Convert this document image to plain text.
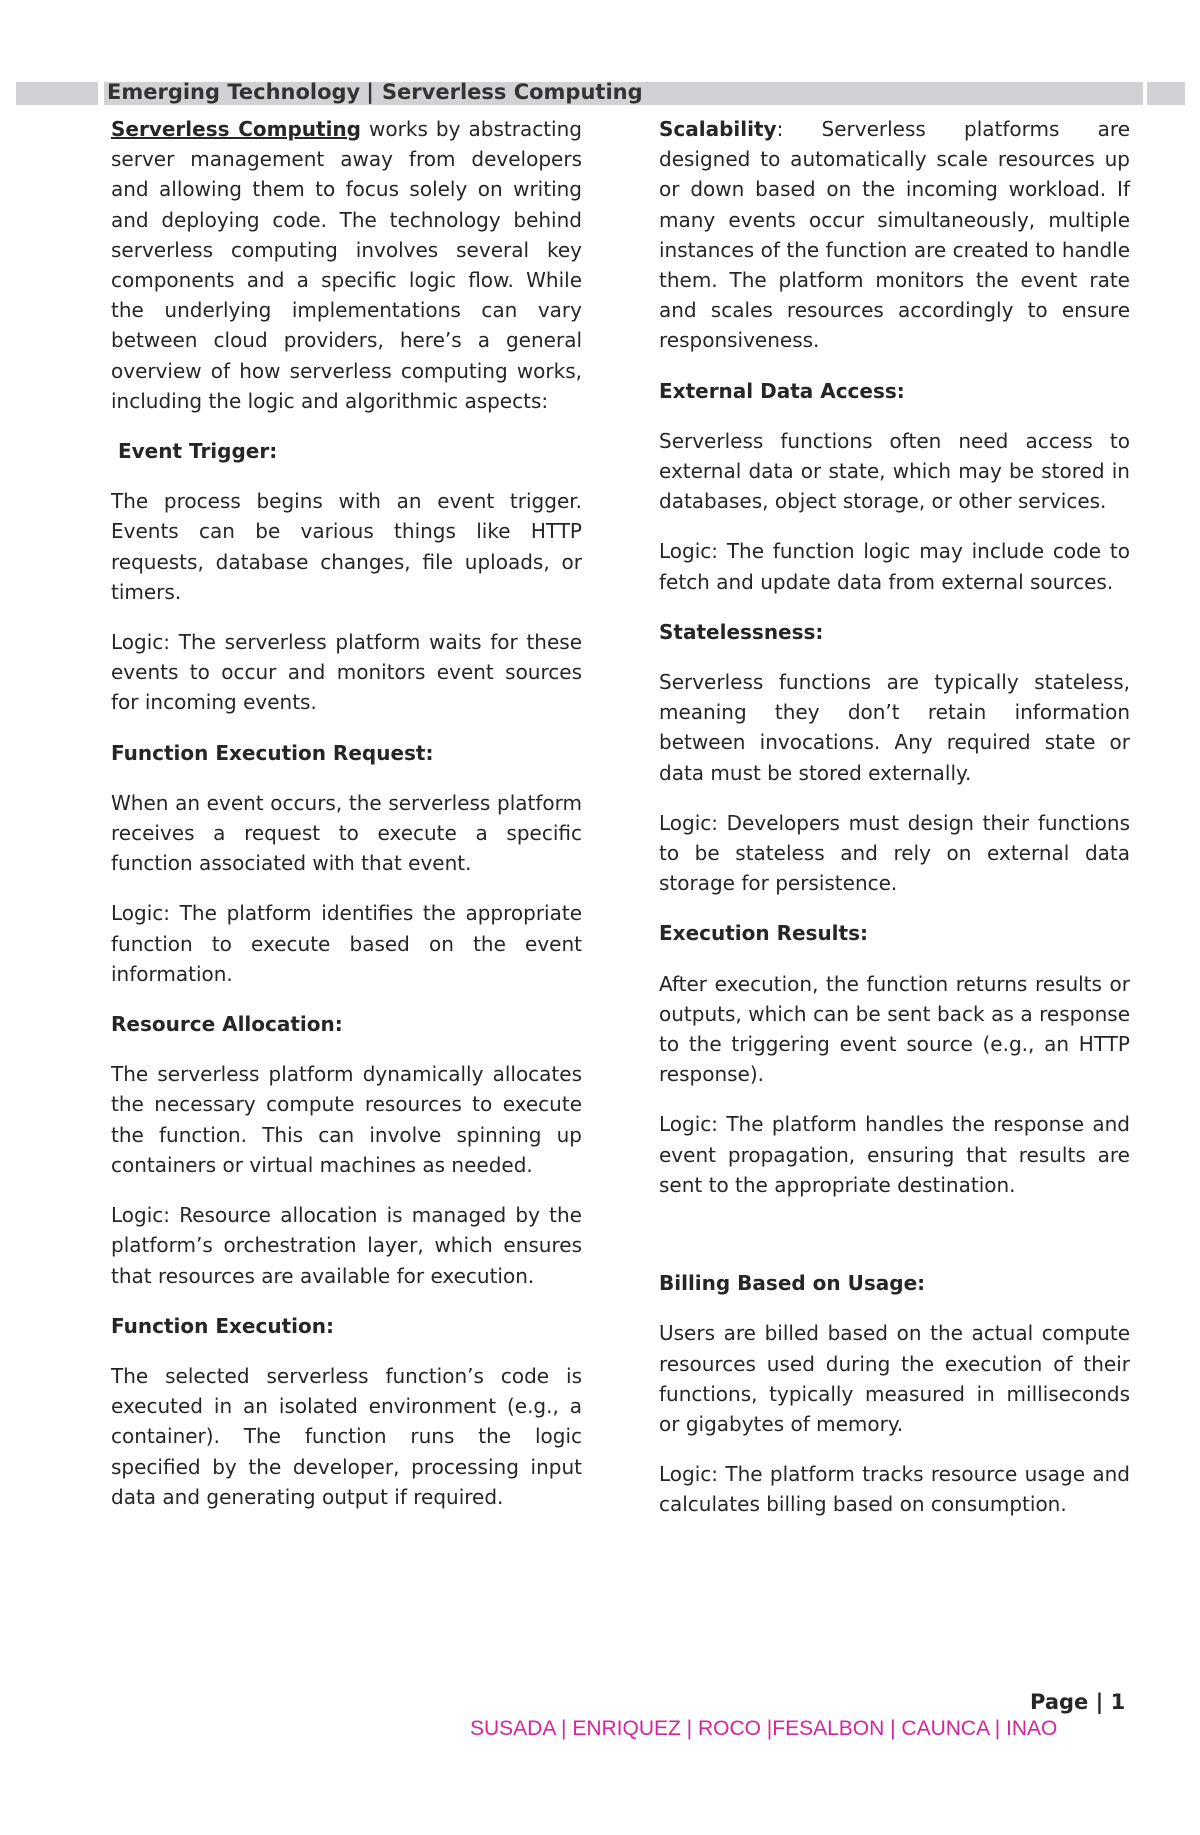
Emerging Technology | Serverless Computing

Serverless Computing works by abstracting server management away from developers and allowing them to focus solely on writing and deploying code. The technology behind serverless computing involves several key components and a specific logic flow. While the underlying implementations can vary between cloud providers, here’s a general overview of how serverless computing works, including the logic and algorithmic aspects:

Event Trigger:

The process begins with an event trigger. Events can be various things like HTTP requests, database changes, file uploads, or timers.

Logic: The serverless platform waits for these events to occur and monitors event sources for incoming events.

Function Execution Request:

When an event occurs, the serverless platform receives a request to execute a specific function associated with that event.

Logic: The platform identifies the appropriate function to execute based on the event information.

Resource Allocation:

The serverless platform dynamically allocates the necessary compute resources to execute the function. This can involve spinning up containers or virtual machines as needed.

Logic: Resource allocation is managed by the platform’s orchestration layer, which ensures that resources are available for execution.

Function Execution:

The selected serverless function’s code is executed in an isolated environment (e.g., a container). The function runs the logic specified by the developer, processing input data and generating output if required.

Scalability: Serverless platforms are designed to automatically scale resources up or down based on the incoming workload. If many events occur simultaneously, multiple instances of the function are created to handle them. The platform monitors the event rate and scales resources accordingly to ensure responsiveness.

External Data Access:

Serverless functions often need access to external data or state, which may be stored in databases, object storage, or other services.

Logic: The function logic may include code to fetch and update data from external sources.

Statelessness:

Serverless functions are typically stateless, meaning they don’t retain information between invocations. Any required state or data must be stored externally.

Logic: Developers must design their functions to be stateless and rely on external data storage for persistence.

Execution Results:

After execution, the function returns results or outputs, which can be sent back as a response to the triggering event source (e.g., an HTTP response).

Logic: The platform handles the response and event propagation, ensuring that results are sent to the appropriate destination.

Billing Based on Usage:

Users are billed based on the actual compute resources used during the execution of their functions, typically measured in milliseconds or gigabytes of memory.

Logic: The platform tracks resource usage and calculates billing based on consumption.

Page | 1
SUSADA | ENRIQUEZ | ROCO |FESALBON | CAUNCA | INAO
